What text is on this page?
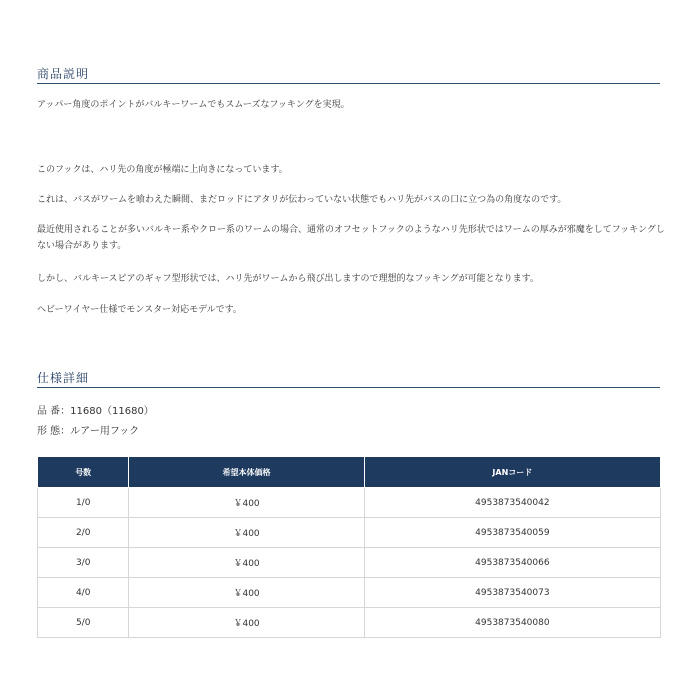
商品説明

アッパー角度のポイントがバルキーワームでもスムーズなフッキングを実現。

このフックは、ハリ先の角度が極端に上向きになっています。

これは、バスがワームを喰わえた瞬間、まだロッドにアタリが伝わっていない状態でもハリ先がバスの口に立つ為の角度なのです。

最近使用されることが多いバルキー系やクロー系のワームの場合、通常のオフセットフックのようなハリ先形状ではワームの厚みが邪魔をしてフッキングしない場合があります。

しかし、バルキースピアのギャフ型形状では、ハリ先がワームから飛び出しますので理想的なフッキングが可能となります。

ヘビーワイヤー仕様でモンスター対応モデルです。

仕様詳細
品 番：11680（11680）
形 態：ルアー用フック
号数	希望本体価格	JANコード
1/0	￥400	4953873540042
2/0	￥400	4953873540059
3/0	￥400	4953873540066
4/0	￥400	4953873540073
5/0	￥400	4953873540080
